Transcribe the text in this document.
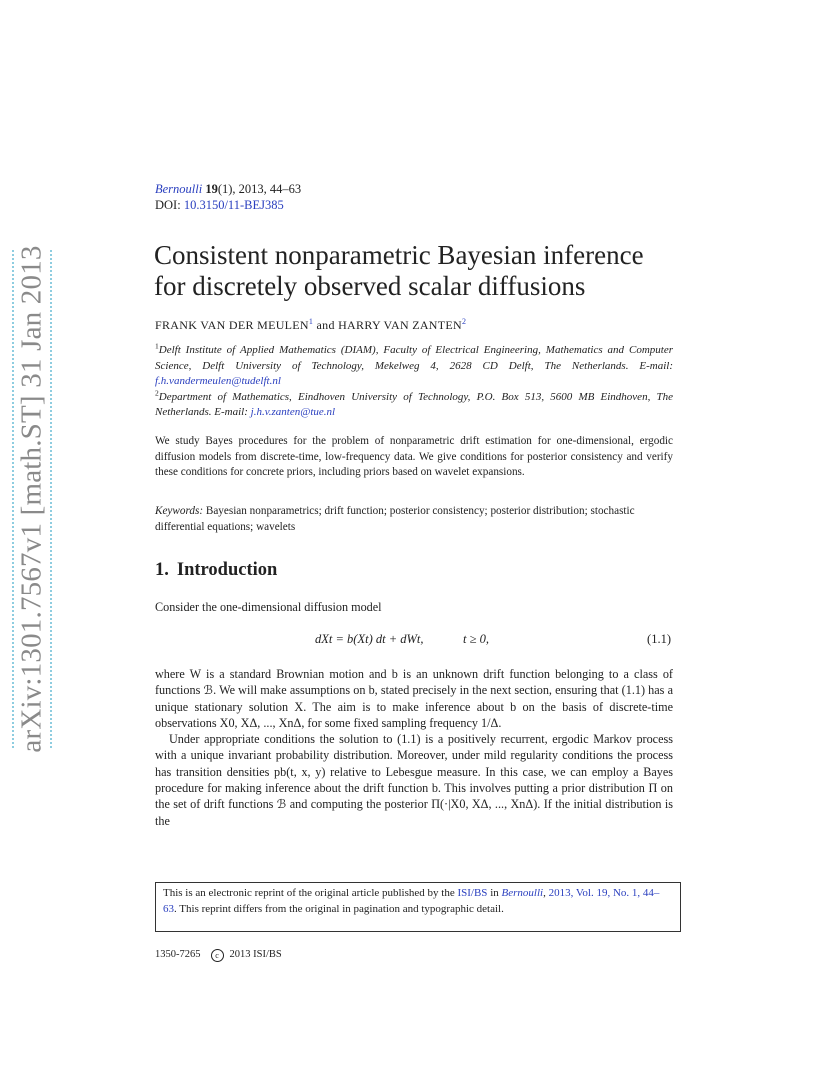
arXiv:1301.7567v1 [math.ST] 31 Jan 2013
Bernoulli 19(1), 2013, 44–63
DOI: 10.3150/11-BEJ385
Consistent nonparametric Bayesian inference
for discretely observed scalar diffusions
FRANK VAN DER MEULEN$^1$ and HARRY VAN ZANTEN$^2$

$^1$Delft Institute of Applied Mathematics (DIAM), Faculty of Electrical Engineering, Mathematics and Computer Science, Delft University of Technology, Mekelweg 4, 2628 CD Delft, The Netherlands. E-mail: f.h.vandermeulen@tudelft.nl

$^2$Department of Mathematics, Eindhoven University of Technology, P.O. Box 513, 5600 MB Eindhoven, The Netherlands. E-mail: j.h.v.zanten@tue.nl

We study Bayes procedures for the problem of nonparametric drift estimation for one-dimensional, ergodic diffusion models from discrete-time, low-frequency data. We give conditions for posterior consistency and verify these conditions for concrete priors, including priors based on wavelet expansions.

Keywords: Bayesian nonparametrics; drift function; posterior consistency; posterior distribution; stochastic differential equations; wavelets

1. Introduction
Consider the one-dimensional diffusion model
dXt = b(Xt) dt + dWt,	t ≥ 0,	(1.1)

where W is a standard Brownian motion and b is an unknown drift function belonging to a class of functions ℬ. We will make assumptions on b, stated precisely in the next section, ensuring that (1.1) has a unique stationary solution X. The aim is to make inference about b on the basis of discrete-time observations X0, XΔ, ..., XnΔ, for some fixed sampling frequency 1/Δ.

Under appropriate conditions the solution to (1.1) is a positively recurrent, ergodic Markov process with a unique invariant probability distribution. Moreover, under mild regularity conditions the process has transition densities pb(t, x, y) relative to Lebesgue measure. In this case, we can employ a Bayes procedure for making inference about the drift function b. This involves putting a prior distribution Π on the set of drift functions ℬ and computing the posterior Π(·|X0, XΔ, ..., XnΔ). If the initial distribution is the

This is an electronic reprint of the original article published by the ISI/BS in Bernoulli, 2013, Vol. 19, No. 1, 44–63. This reprint differs from the original in pagination and typographic detail.
1350-7265 c 2013 ISI/BS
